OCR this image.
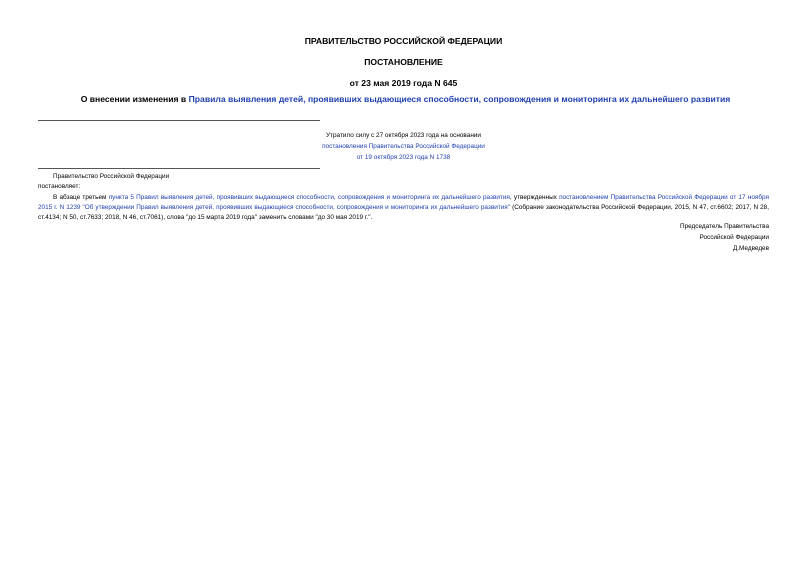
ПРАВИТЕЛЬСТВО РОССИЙСКОЙ ФЕДЕРАЦИИ
ПОСТАНОВЛЕНИЕ
от 23 мая 2019 года N 645
О внесении изменения в Правила выявления детей, проявивших выдающиеся способности, сопровождения и мониторинга их дальнейшего развития
Утратило силу с 27 октября 2023 года на основании
постановления Правительства Российской Федерации
от 19 октября 2023 года N 1738
Правительство Российской Федерации
постановляет:
В абзаце третьем пункта 5 Правил выявления детей, проявивших выдающиеся способности, сопровождения и мониторинга их дальнейшего развития, утвержденных постановлением Правительства Российской Федерации от 17 ноября 2015 г. N 1239 "Об утверждении Правил выявления детей, проявивших выдающиеся способности, сопровождения и мониторинга их дальнейшего развития" (Собрание законодательства Российской Федерации, 2015, N 47, ст.6602; 2017, N 28, ст.4134; N 50, ст.7633; 2018, N 46, ст.7061), слова "до 15 марта 2019 года" заменить словами "до 30 мая 2019 г.".
Председатель Правительства
Российской Федерации
Д.Медведев
